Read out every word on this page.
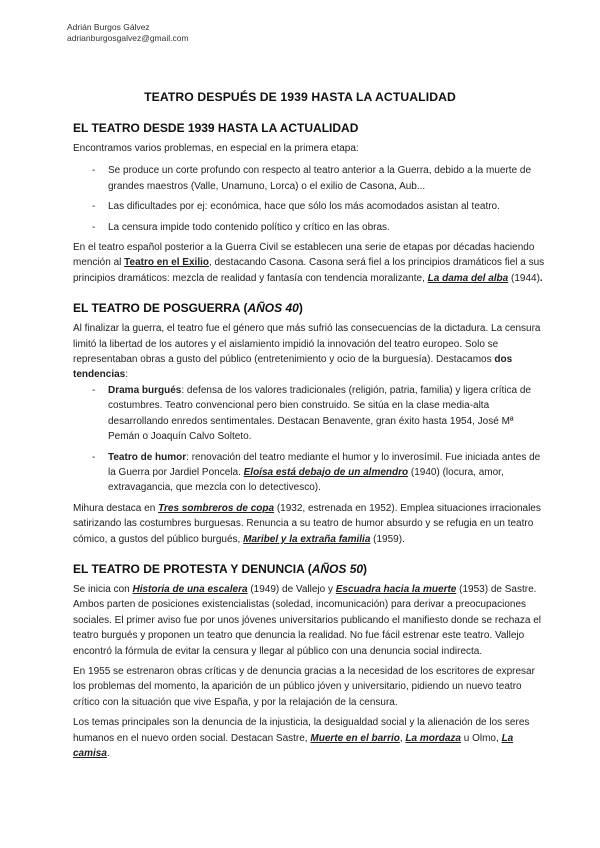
Adrián Burgos Gálvez
adrianburgosgalvez@gmail.com
TEATRO DESPUÉS DE 1939 HASTA LA ACTUALIDAD
EL TEATRO DESDE 1939 HASTA LA ACTUALIDAD

Encontramos varios problemas, en especial en la primera etapa:

- Se produce un corte profundo con respecto al teatro anterior a la Guerra, debido a la muerte de grandes maestros (Valle, Unamuno, Lorca) o el exilio de Casona, Aub...
- Las dificultades por ej: económica, hace que sólo los más acomodados asistan al teatro.
- La censura impide todo contenido político y crítico en las obras.

En el teatro español posterior a la Guerra Civil se establecen una serie de etapas por décadas haciendo mención al Teatro en el Exilio, destacando Casona. Casona será fiel a los principios dramáticos fiel a sus principios dramáticos: mezcla de realidad y fantasía con tendencia moralizante, La dama del alba (1944).

EL TEATRO DE POSGUERRA (AÑOS 40)

Al finalizar la guerra, el teatro fue el género que más sufrió las consecuencias de la dictadura. La censura limitó la libertad de los autores y el aislamiento impidió la innovación del teatro europeo. Solo se representaban obras a gusto del público (entretenimiento y ocio de la burguesía). Destacamos dos tendencias:

- Drama burgués: defensa de los valores tradicionales (religión, patria, familia) y ligera crítica de costumbres. Teatro convencional pero bien construido. Se sitúa en la clase media-alta desarrollando enredos sentimentales. Destacan Benavente, gran éxito hasta 1954, José Mª Pemán o Joaquín Calvo Solteto.
- Teatro de humor: renovación del teatro mediante el humor y lo inverosímil. Fue iniciada antes de la Guerra por Jardiel Poncela. Eloísa está debajo de un almendro (1940) (locura, amor, extravagancia, que mezcla con lo detectivesco).

Mihura destaca en Tres sombreros de copa (1932, estrenada en 1952). Emplea situaciones irracionales satirizando las costumbres burguesas. Renuncia a su teatro de humor absurdo y se refugia en un teatro cómico, a gustos del público burgués, Maribel y la extraña familia (1959).

EL TEATRO DE PROTESTA Y DENUNCIA (AÑOS 50)

Se inicia con Historia de una escalera (1949) de Vallejo y Escuadra hacia la muerte (1953) de Sastre. Ambos parten de posiciones existencialistas (soledad, incomunicación) para derivar a preocupaciones sociales. El primer aviso fue por unos jóvenes universitarios publicando el manifiesto donde se rechaza el teatro burgués y proponen un teatro que denuncia la realidad. No fue fácil estrenar este teatro. Vallejo encontró la fórmula de evitar la censura y llegar al público con una denuncia social indirecta.

En 1955 se estrenaron obras críticas y de denuncia gracias a la necesidad de los escritores de expresar los problemas del momento, la aparición de un público jóven y universitario, pidiendo un nuevo teatro crítico con la situación que vive España, y por la relajación de la censura.

Los temas principales son la denuncia de la injusticia, la desigualdad social y la alienación de los seres humanos en el nuevo orden social. Destacan Sastre, Muerte en el barrio, La mordaza u Olmo, La camisa.
